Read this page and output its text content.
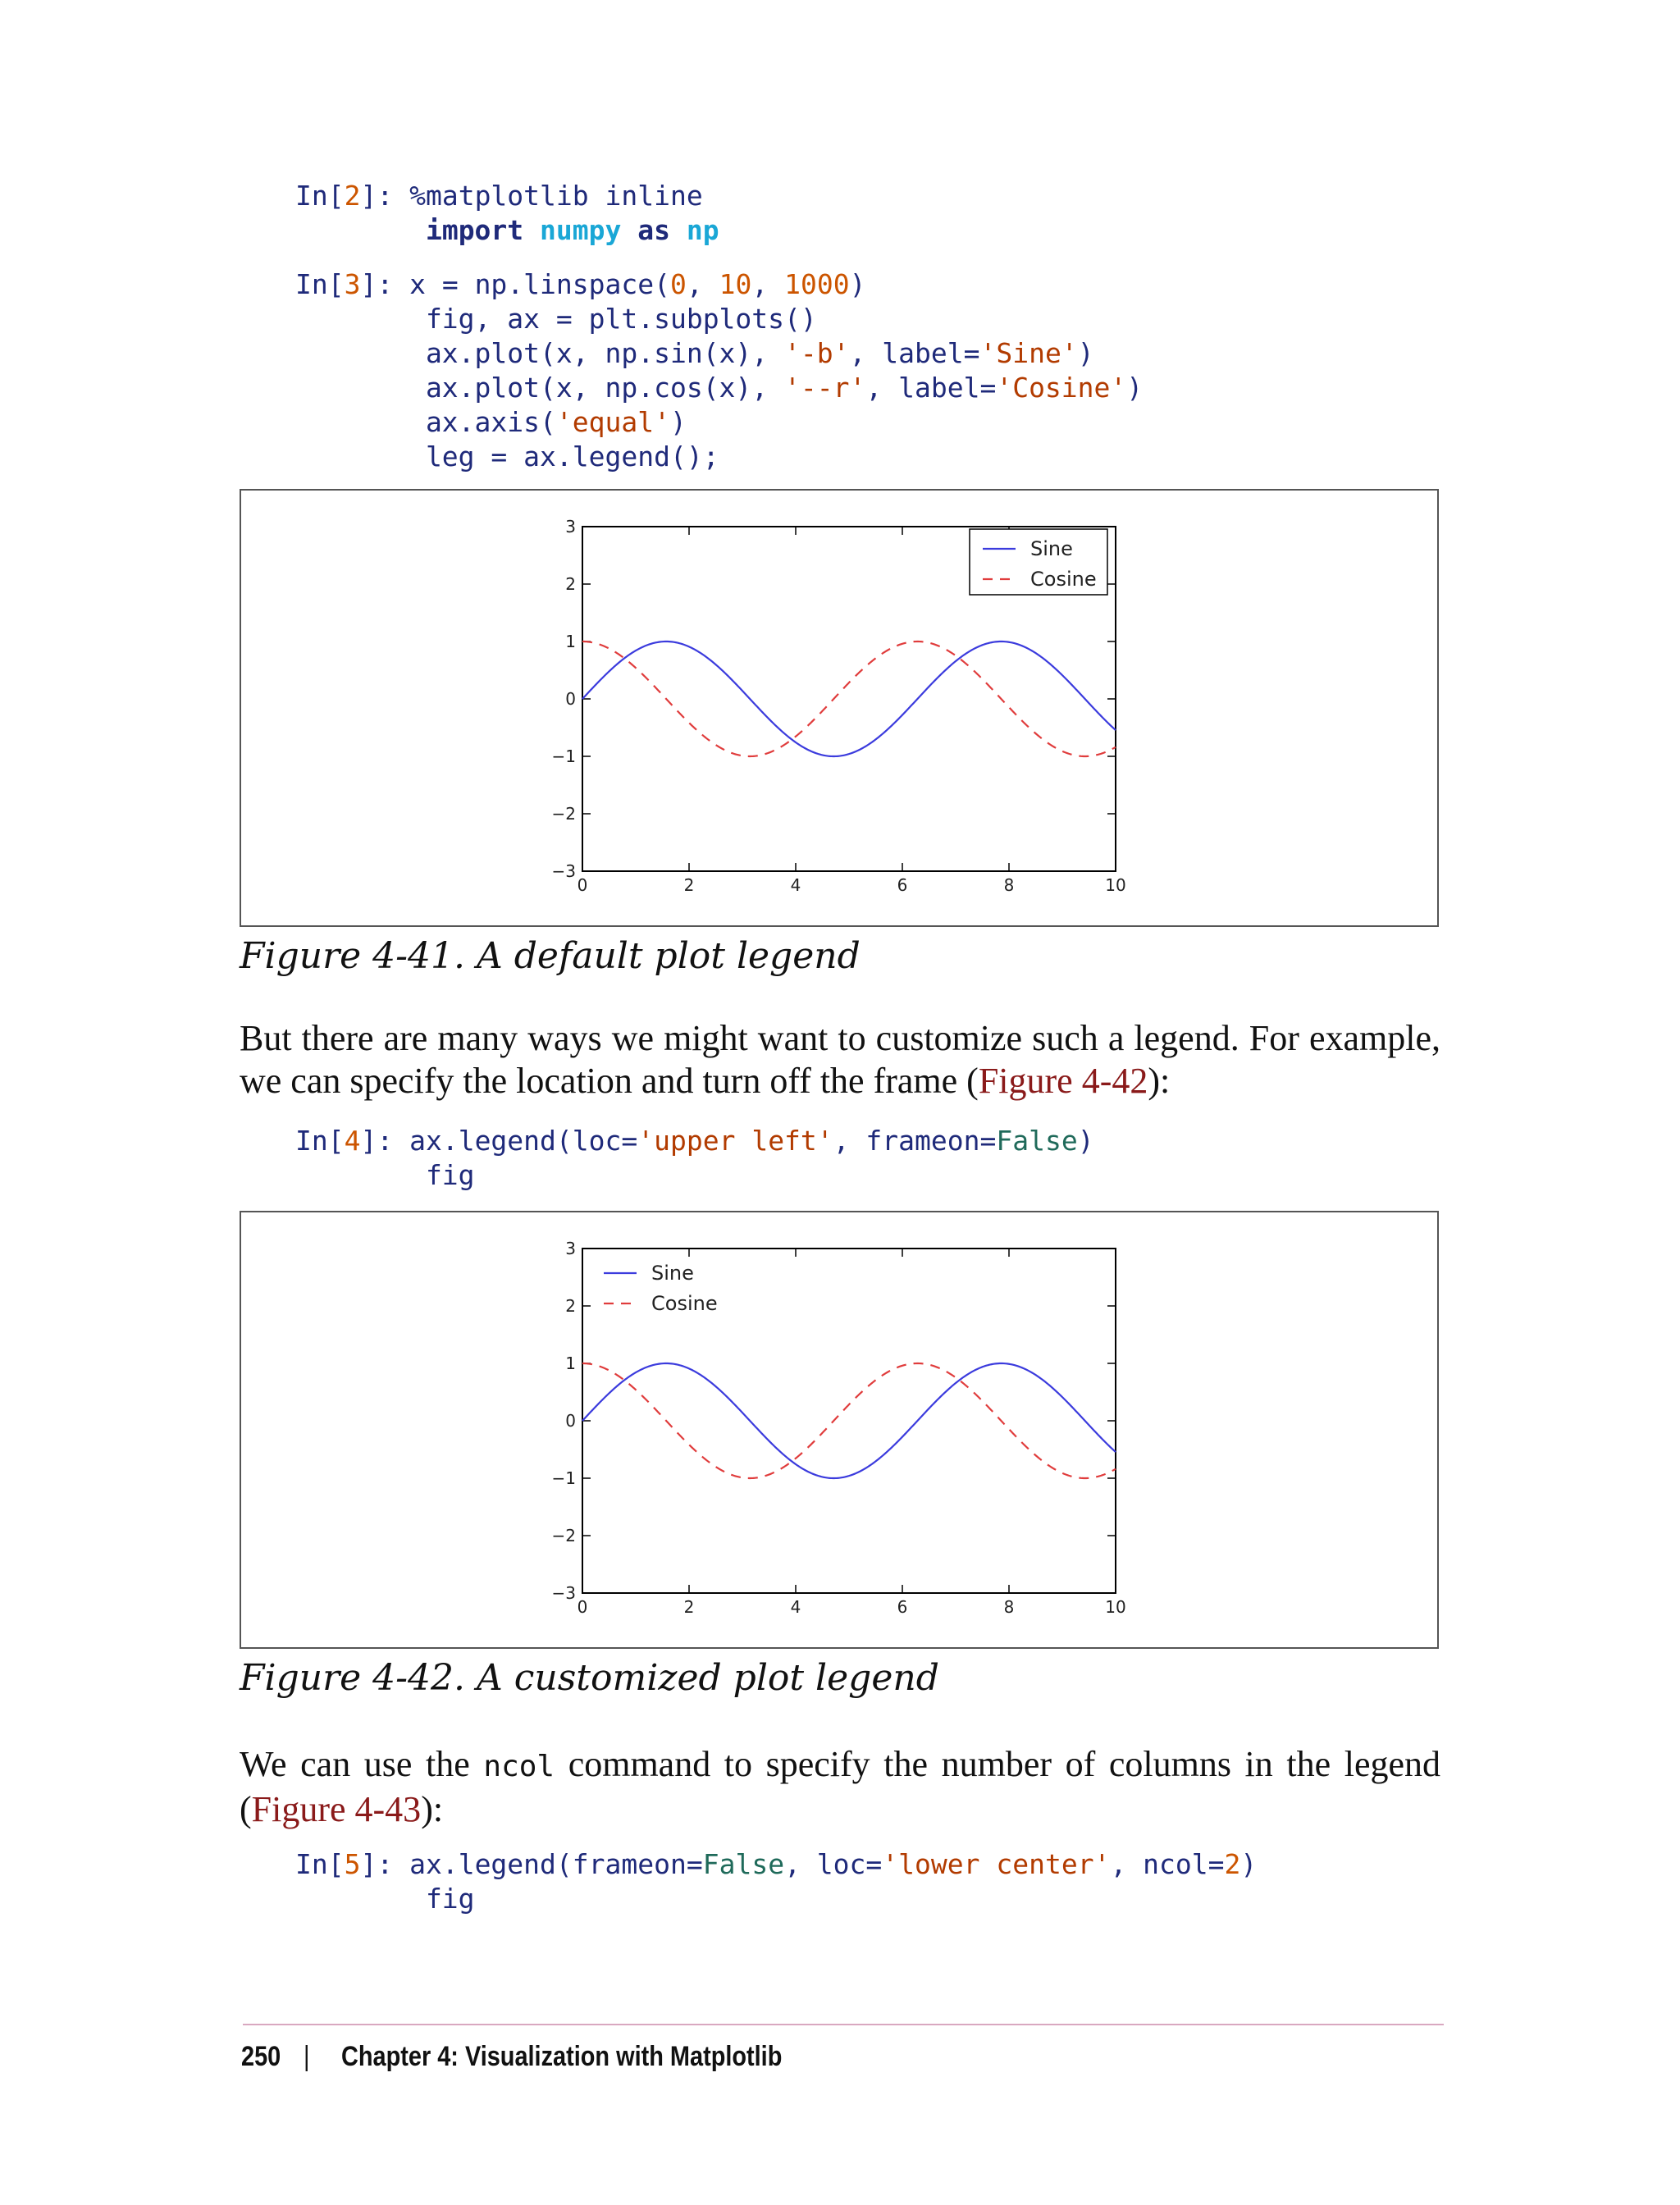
In[2]: %matplotlib inline
import numpy as np
In[3]: x = np.linspace(0, 10, 1000)
fig, ax = plt.subplots()
ax.plot(x, np.sin(x), '-b', label='Sine')
ax.plot(x, np.cos(x), '--r', label='Cosine')
ax.axis('equal')
leg = ax.legend();
0	2	4	6	8	10
3
2
1
0
−1
−2
−3
Sine
Cosine
Figure 4-41. A default plot legend
But there are many ways we might want to customize such a legend. For example, we can specify the location and turn off the frame (Figure 4-42):
In[4]: ax.legend(loc='upper left', frameon=False)
fig
0	2	4	6	8	10
3
2
1
0
−1
−2
−3
Sine
Cosine
Figure 4-42. A customized plot legend
We can use the ncol command to specify the number of columns in the legend (Figure 4-43):
In[5]: ax.legend(frameon=False, loc='lower center', ncol=2)
fig
250 | Chapter 4: Visualization with Matplotlib
